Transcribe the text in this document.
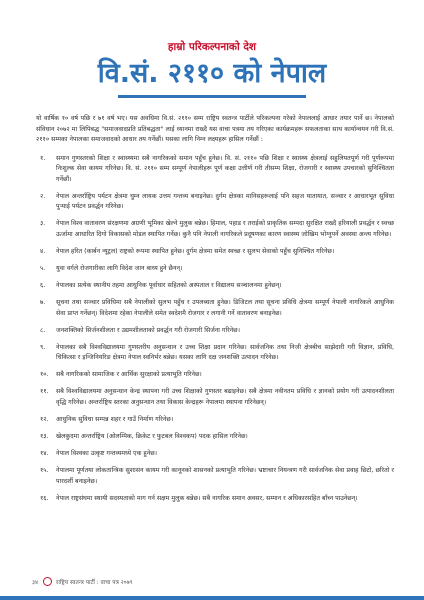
हाम्रो परिकल्पनाको देश
वि.सं. २११० को नेपाल

यो वार्षिक १० वर्ष पछि र ७१ वर्ष भए। यस अवधिमा वि.सं. २११० सम्म राष्ट्रिय स्वतन्त्र पार्टीले परिकल्पना गरेको नेपाललाई आधार तयार पार्ने छ। नेपालको संविधान २०७२ मा लिपिबद्ध "समाजवादप्रति प्रतिबद्धता" लाई ध्यानमा राख्दै यस वाचा पत्रमा तय गरिएका कार्यक्रमहरू सफलताका साथ कार्यान्वयन गरी वि.सं. २११० सम्मका नेपालका समाजवादको आधार तय गर्नेछौं। यसका लागि निम्न लक्ष्यहरू हासिल गर्नेछौं :

१.	समान गुणस्तरको शिक्षा र स्वास्थ्यमा सबै नागरिकको समान पहुँच हुनेछ। वि. सं. २११० पछि शिक्षा र स्वास्थ्य क्षेत्रलाई सहुलियतपूर्ण गरी पूर्णरूपमा निःशुल्क सेवा कायम गरिनेछ। वि. सं. २११० सम्म सम्पूर्ण नेपालीहरू पूर्ण कक्षा उत्तीर्ण गरी तीसम्म शिक्षा, रोजगारी र स्वास्थ्य उपचारको सुनिश्चितता गर्नेछौं।
२.	नेपाल अन्तर्राष्ट्रिय पर्यटन क्षेत्रमा घुम्न लायक उत्तम गन्तव्य बनाइनेछ। दुर्गम क्षेत्रका मानिसहरूलाई पनि सहज यातायात, सञ्चार र आधारभूत सुविधा पुर्‍याई पर्यटन प्रवर्द्धन गरिनेछ।
३.	नेपाल विश्व वातावरण संरक्षणमा अग्रणी भूमिका खेल्ने मुलुक बन्नेछ। हिमाल, पहाड र तराईको प्राकृतिक सम्पदा सुरक्षित राख्दै हरियाली प्रवर्द्धन र स्वच्छ ऊर्जामा आधारित दिगो विकासको मोडल स्थापित गर्नेछ। कुनै पनि नेपाली नागरिकले प्रदूषणका कारण स्वास्थ्य जोखिम भोग्नुपर्ने अवस्था अन्त्य गरिनेछ।
४.	नेपाल हरित (कार्बन न्यूट्रल) राष्ट्रको रूपमा स्थापित हुनेछ। दुर्गम क्षेत्रमा समेत स्वच्छ र सुलभ सेवाको पहुँच सुनिश्चित गरिनेछ।
५.	युवा वर्गले रोजगारीका लागि विदेश जान बाध्य हुने छैनन्।
६.	नेपालका प्रत्येक स्थानीय तहमा आधुनिक पूर्वाधार सहितको अस्पताल र विद्यालय सञ्चालनमा हुनेछन्।
७.	सूचना तथा सञ्चार प्रविधिमा सबै नेपालीको सुलभ पहुँच र उपलब्धता हुनेछ। डिजिटल तथा सूचना प्रविधि क्षेत्रमा सम्पूर्ण नेपाली नागरिकले आधुनिक सेवा प्राप्त गर्नेछन्। विदेशमा रहेका नेपालीले समेत स्वदेशमै रोजगार र लगानी गर्ने वातावरण बनाइनेछ।
८.	जनशक्तिको सिर्जनशीलता र उद्यमशीलताको प्रवर्द्धन गरी रोजगारी सिर्जना गरिनेछ।
९.	नेपालका सबै विश्वविद्यालयमा गुणस्तरीय अनुसन्धान र उच्च शिक्षा प्रदान गरिनेछ। सार्वजनिक तथा निजी क्षेत्रबीच साझेदारी गरी विज्ञान, प्रविधि, चिकित्सा र इन्जिनियरिङ क्षेत्रमा नेपाल स्वनिर्भर बन्नेछ। यसका लागि दक्ष जनशक्ति उत्पादन गरिनेछ।
१०.	सबै नागरिकको सामाजिक र आर्थिक सुरक्षाको प्रत्याभूति गरिनेछ।
११.	सबै विश्वविद्यालयमा अनुसन्धान केन्द्र स्थापना गरी उच्च शिक्षाको गुणस्तर बढाइनेछ। सबै क्षेत्रमा नवीनतम प्रविधि र ज्ञानको प्रयोग गरी उत्पादनशीलता वृद्धि गरिनेछ। अन्तर्राष्ट्रिय स्तरका अनुसन्धान तथा विकास केन्द्रहरू नेपालमा स्थापना गरिनेछन्।
१२.	आधुनिक सुविधा सम्पन्न शहर र गाउँ निर्माण गरिनेछ।
१३.	खेलकुदमा अन्तर्राष्ट्रिय (ओलम्पिक, क्रिकेट र फुटबल विश्वकप) पदक हासिल गरिनेछ।
१४.	नेपाल विश्वका उत्कृष्ट गन्तव्यमध्ये एक हुनेछ।
१५.	नेपालमा पूर्णतया लोकतान्त्रिक सुशासन कायम गरी कानूनको शासनको प्रत्याभूति गरिनेछ। भ्रष्टाचार नियन्त्रण गरी सार्वजनिक सेवा प्रवाह छिटो, छरितो र पारदर्शी बनाइनेछ।
१६.	नेपाल राष्ट्रसंघमा स्थायी सदस्यताको माग गर्न सक्षम मुलुक बन्नेछ। सबै नागरिक समान अवसर, सम्मान र अधिकारसहित बाँच्न पाउनेछन्।
३४	राष्ट्रिय स्वतन्त्र पार्टी : वाचा पत्र २०७९
